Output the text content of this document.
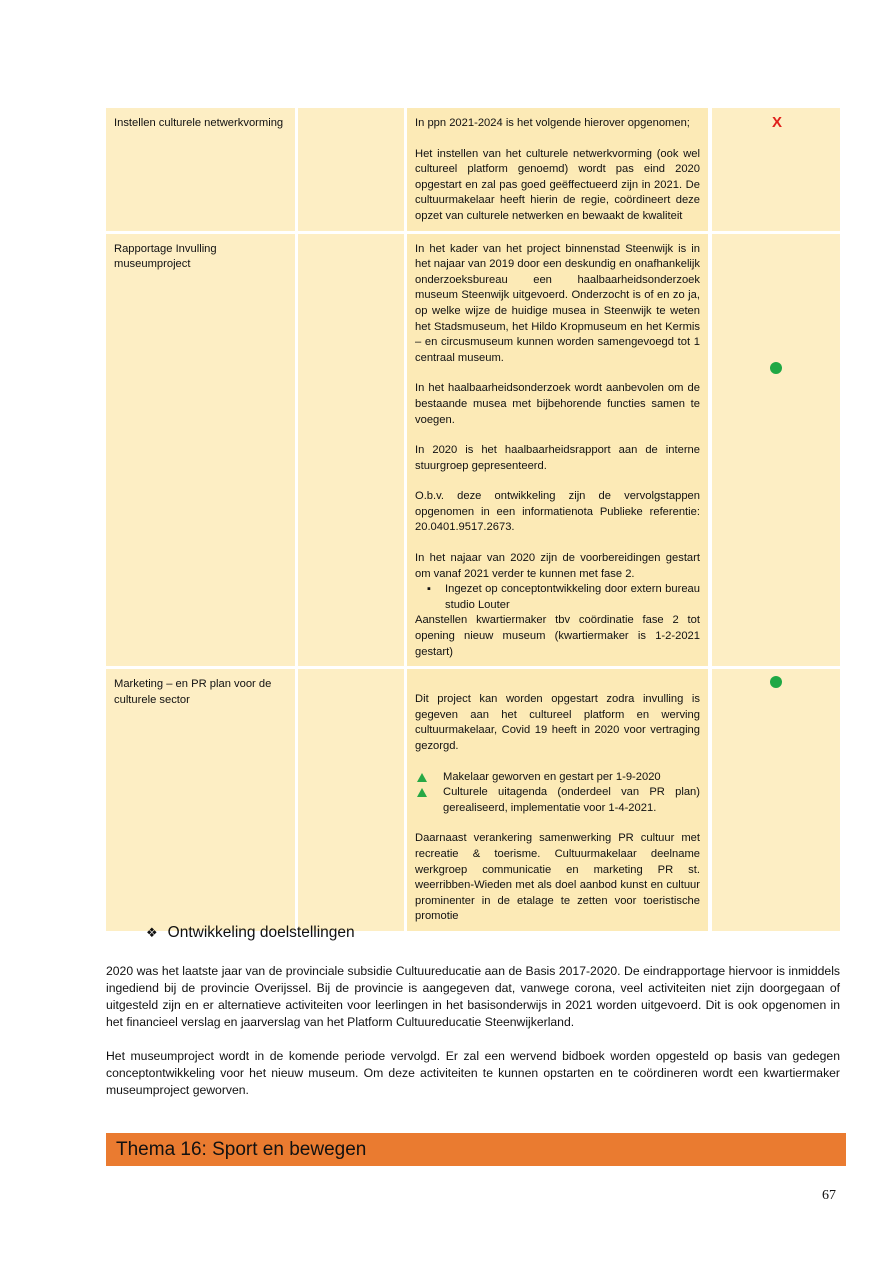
Instellen culturele netwerkvorming	In ppn 2021-2024 is het volgende hierover opgenomen;

Het instellen van het culturele netwerkvorming (ook wel cultureel platform genoemd) wordt pas eind 2020 opgestart en zal pas goed geëffectueerd zijn in 2021. De cultuurmakelaar heeft hierin de regie, coördineert deze opzet van culturele netwerken en bewaakt de kwaliteit

X
Rapportage Invulling museumproject

In het kader van het project binnenstad Steenwijk is in het najaar van 2019 door een deskundig en onafhankelijk onderzoeksbureau een haalbaarheidsonderzoek museum Steenwijk uitgevoerd. Onderzocht is of en zo ja, op welke wijze de huidige musea in Steenwijk te weten het Stadsmuseum, het Hildo Kropmuseum en het Kermis – en circusmuseum kunnen worden samengevoegd tot 1 centraal museum.

In het haalbaarheidsonderzoek wordt aanbevolen om de bestaande musea met bijbehorende functies samen te voegen.

In 2020 is het haalbaarheidsrapport aan de interne stuurgroep gepresenteerd.

O.b.v. deze ontwikkeling zijn de vervolgstappen opgenomen in een informatienota Publieke referentie: 20.0401.9517.2673.

In het najaar van 2020 zijn de voorbereidingen gestart om vanaf 2021 verder te kunnen met fase 2.

▪ Ingezet op conceptontwikkeling door extern bureau studio Louter

Aanstellen kwartiermaker tbv coördinatie fase 2 tot opening nieuw museum (kwartiermaker is 1-2-2021 gestart)

Marketing – en PR plan voor de culturele sector	Dit project kan worden opgestart zodra invulling is gegeven aan het cultureel platform en werving cultuurmakelaar, Covid 19 heeft in 2020 voor vertraging gezorgd.

Makelaar geworven en gestart per 1-9-2020
Culturele uitagenda (onderdeel van PR plan) gerealiseerd, implementatie voor 1-4-2021.

Daarnaast verankering samenwerking PR cultuur met recreatie & toerisme. Cultuurmakelaar deelname werkgroep communicatie en marketing PR st. weerribben-Wieden met als doel aanbod kunst en cultuur prominenter in de etalage te zetten voor toeristische promotie

❖ Ontwikkeling doelstellingen

2020 was het laatste jaar van de provinciale subsidie Cultuureducatie aan de Basis 2017-2020. De eindrapportage hiervoor is inmiddels ingediend bij de provincie Overijssel. Bij de provincie is aangegeven dat, vanwege corona, veel activiteiten niet zijn doorgegaan of uitgesteld zijn en er alternatieve activiteiten voor leerlingen in het basisonderwijs in 2021 worden uitgevoerd. Dit is ook opgenomen in het financieel verslag en jaarverslag van het Platform Cultuureducatie Steenwijkerland.

Het museumproject wordt in de komende periode vervolgd. Er zal een wervend bidboek worden opgesteld op basis van gedegen conceptontwikkeling voor het nieuw museum. Om deze activiteiten te kunnen opstarten en te coördineren wordt een kwartiermaker museumproject geworven.

Thema 16: Sport en bewegen
67
